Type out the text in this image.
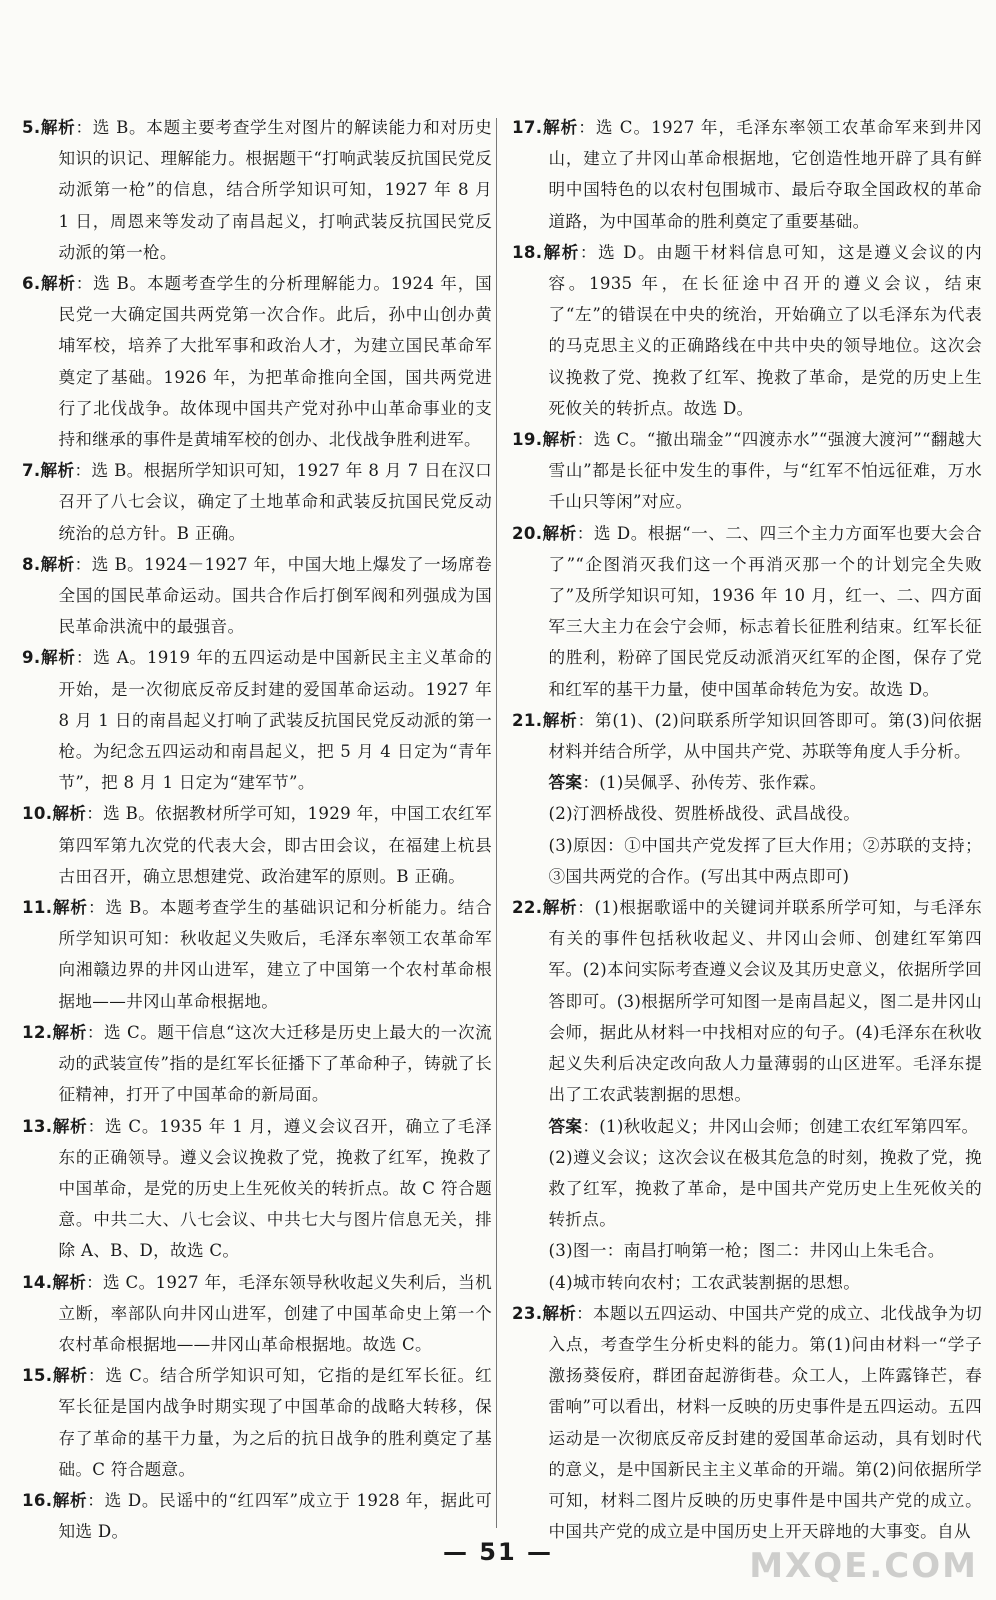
5.解析：选 B。本题主要考查学生对图片的解读能力和对历史知识的识记、理解能力。根据题干“打响武装反抗国民党反动派第一枪”的信息，结合所学知识可知，1927 年 8 月 1 日，周恩来等发动了南昌起义，打响武装反抗国民党反动派的第一枪。

6.解析：选 B。本题考查学生的分析理解能力。1924 年，国民党一大确定国共两党第一次合作。此后，孙中山创办黄埔军校，培养了大批军事和政治人才，为建立国民革命军奠定了基础。1926 年，为把革命推向全国，国共两党进行了北伐战争。故体现中国共产党对孙中山革命事业的支持和继承的事件是黄埔军校的创办、北伐战争胜利进军。

7.解析：选 B。根据所学知识可知，1927 年 8 月 7 日在汉口召开了八七会议，确定了土地革命和武装反抗国民党反动统治的总方针。B 正确。

8.解析：选 B。1924－1927 年，中国大地上爆发了一场席卷全国的国民革命运动。国共合作后打倒军阀和列强成为国民革命洪流中的最强音。

9.解析：选 A。1919 年的五四运动是中国新民主主义革命的开始，是一次彻底反帝反封建的爱国革命运动。1927 年 8 月 1 日的南昌起义打响了武装反抗国民党反动派的第一枪。为纪念五四运动和南昌起义，把 5 月 4 日定为“青年节”，把 8 月 1 日定为“建军节”。

10.解析：选 B。依据教材所学可知，1929 年，中国工农红军第四军第九次党的代表大会，即古田会议，在福建上杭县古田召开，确立思想建党、政治建军的原则。B 正确。

11.解析：选 B。本题考查学生的基础识记和分析能力。结合所学知识可知：秋收起义失败后，毛泽东率领工农革命军向湘赣边界的井冈山进军，建立了中国第一个农村革命根据地——井冈山革命根据地。

12.解析：选 C。题干信息“这次大迁移是历史上最大的一次流动的武装宣传”指的是红军长征播下了革命种子，铸就了长征精神，打开了中国革命的新局面。

13.解析：选 C。1935 年 1 月，遵义会议召开，确立了毛泽东的正确领导。遵义会议挽救了党，挽救了红军，挽救了中国革命，是党的历史上生死攸关的转折点。故 C 符合题意。中共二大、八七会议、中共七大与图片信息无关，排除 A、B、D，故选 C。

14.解析：选 C。1927 年，毛泽东领导秋收起义失利后，当机立断，率部队向井冈山进军，创建了中国革命史上第一个农村革命根据地——井冈山革命根据地。故选 C。

15.解析：选 C。结合所学知识可知，它指的是红军长征。红军长征是国内战争时期实现了中国革命的战略大转移，保存了革命的基干力量，为之后的抗日战争的胜利奠定了基础。C 符合题意。

16.解析：选 D。民谣中的“红四军”成立于 1928 年，据此可知选 D。

17.解析：选 C。1927 年，毛泽东率领工农革命军来到井冈山，建立了井冈山革命根据地，它创造性地开辟了具有鲜明中国特色的以农村包围城市、最后夺取全国政权的革命道路，为中国革命的胜利奠定了重要基础。

18.解析：选 D。由题干材料信息可知，这是遵义会议的内容。1935 年，在长征途中召开的遵义会议，结束了“左”的错误在中央的统治，开始确立了以毛泽东为代表的马克思主义的正确路线在中共中央的领导地位。这次会议挽救了党、挽救了红军、挽救了革命，是党的历史上生死攸关的转折点。故选 D。

19.解析：选 C。“撤出瑞金”“四渡赤水”“强渡大渡河”“翻越大雪山”都是长征中发生的事件，与“红军不怕远征难，万水千山只等闲”对应。

20.解析：选 D。根据“一、二、四三个主力方面军也要大会合了”“企图消灭我们这一个再消灭那一个的计划完全失败了”及所学知识可知，1936 年 10 月，红一、二、四方面军三大主力在会宁会师，标志着长征胜利结束。红军长征的胜利，粉碎了国民党反动派消灭红军的企图，保存了党和红军的基干力量，使中国革命转危为安。故选 D。

21.解析：第(1)、(2)问联系所学知识回答即可。第(3)问依据材料并结合所学，从中国共产党、苏联等角度人手分析。

答案：(1)吴佩孚、孙传芳、张作霖。

(2)汀泗桥战役、贺胜桥战役、武昌战役。

(3)原因：①中国共产党发挥了巨大作用；②苏联的支持；③国共两党的合作。(写出其中两点即可)

22.解析：(1)根据歌谣中的关键词并联系所学可知，与毛泽东有关的事件包括秋收起义、井冈山会师、创建红军第四军。(2)本问实际考查遵义会议及其历史意义，依据所学回答即可。(3)根据所学可知图一是南昌起义，图二是井冈山会师，据此从材料一中找相对应的句子。(4)毛泽东在秋收起义失利后决定改向敌人力量薄弱的山区进军。毛泽东提出了工农武装割据的思想。

答案：(1)秋收起义；井冈山会师；创建工农红军第四军。

(2)遵义会议；这次会议在极其危急的时刻，挽救了党，挽救了红军，挽救了革命，是中国共产党历史上生死攸关的转折点。

(3)图一：南昌打响第一枪；图二：井冈山上朱毛合。

(4)城市转向农村；工农武装割据的思想。

23.解析：本题以五四运动、中国共产党的成立、北伐战争为切入点，考查学生分析史料的能力。第(1)问由材料一“学子激扬葵佞府，群团奋起游街巷。众工人，上阵露锋芒，春雷响”可以看出，材料一反映的历史事件是五四运动。五四运动是一次彻底反帝反封建的爱国革命运动，具有划时代的意义，是中国新民主主义革命的开端。第(2)问依据所学可知，材料二图片反映的历史事件是中国共产党的成立。中国共产党的成立是中国历史上开天辟地的大事变。自从

— 51 —	MXQE.COM
